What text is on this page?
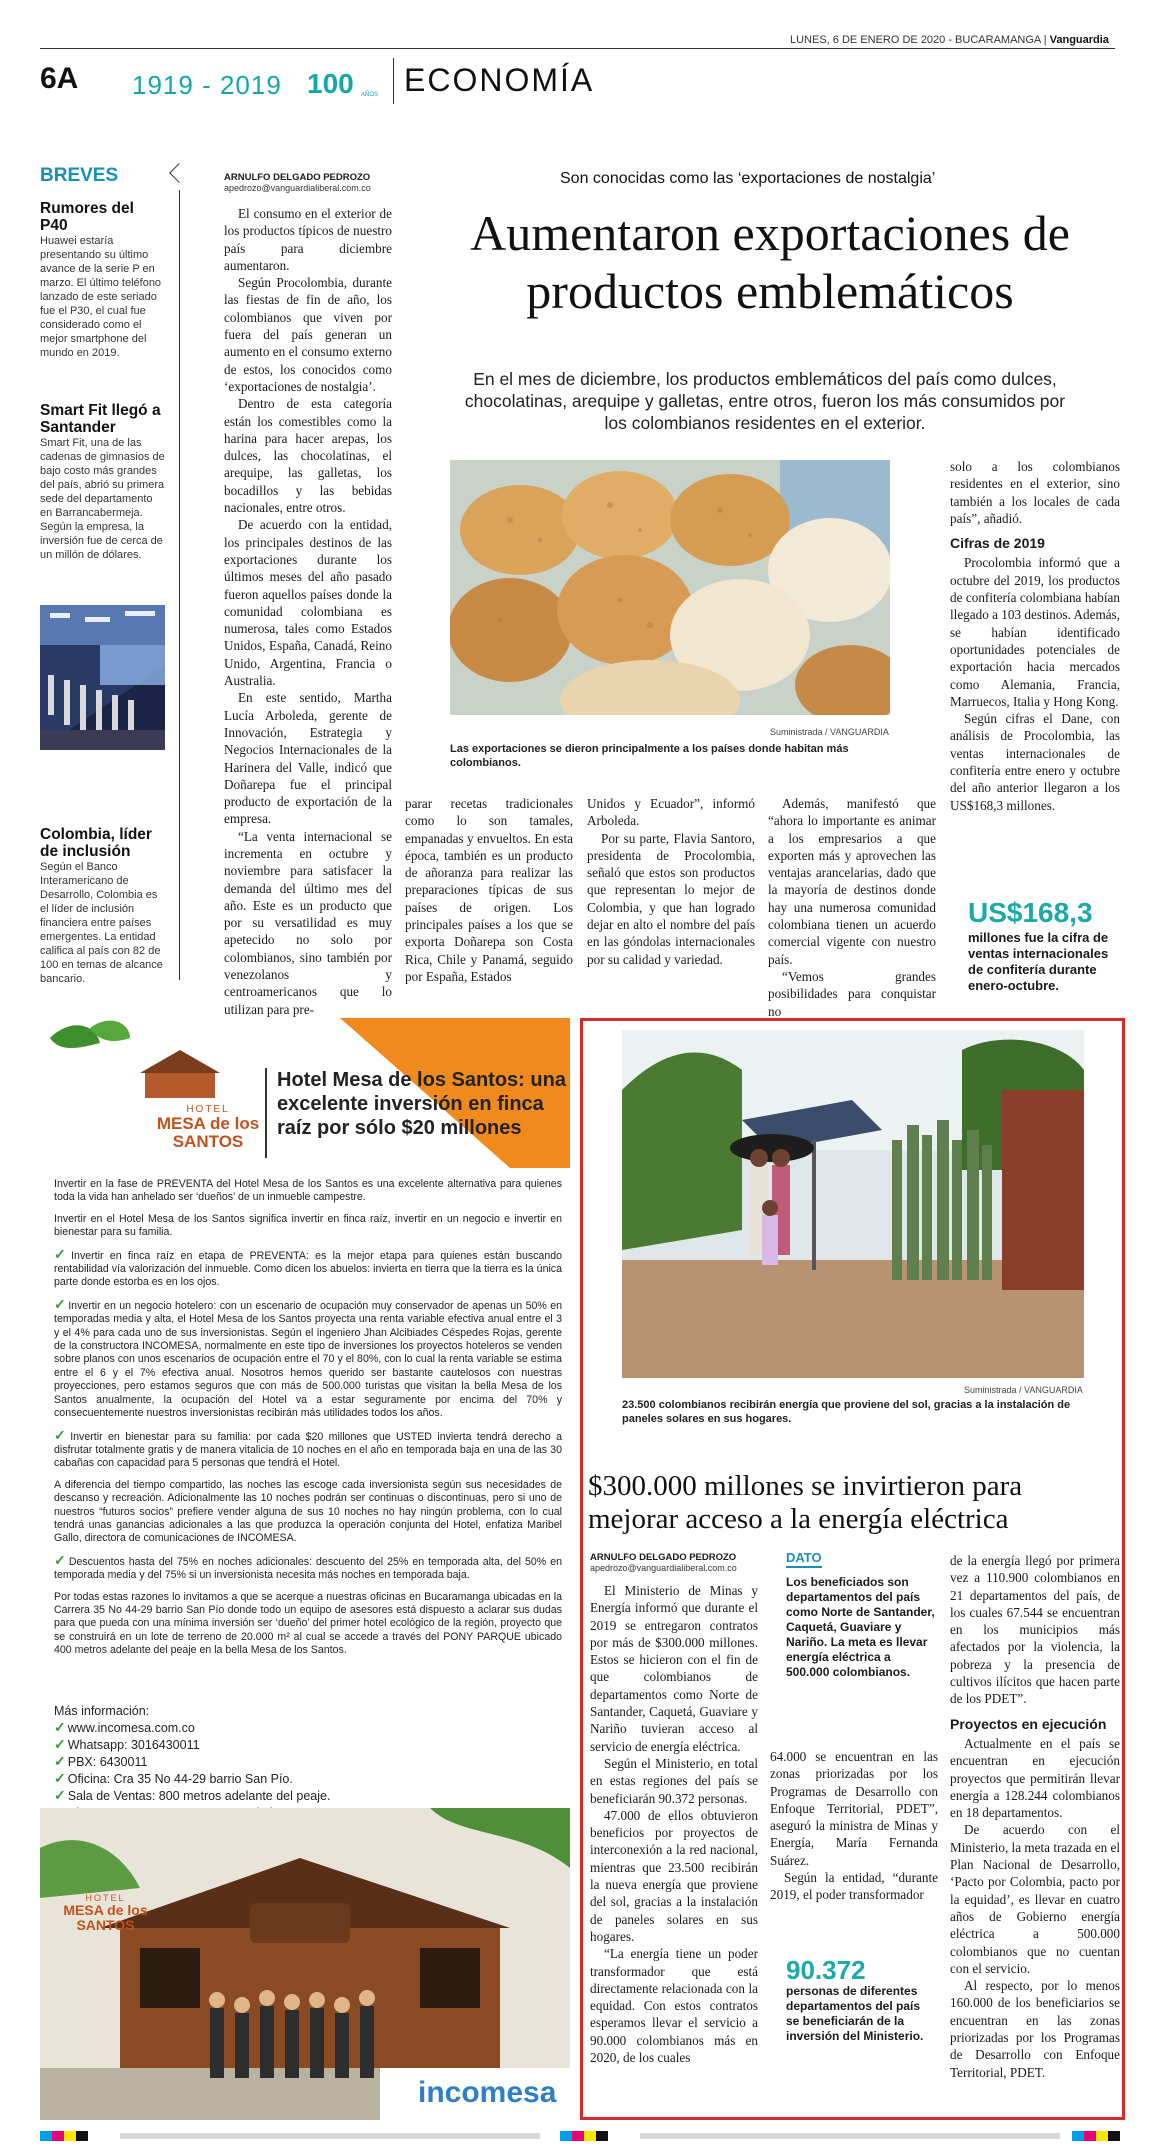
LUNES, 6 DE ENERO DE 2020 - BUCARAMANGA | Vanguardia
6A 1919 - 2019 100 AÑOS ECONOMÍA
BREVES
Rumores del P40
Huawei estaría presentando su último avance de la serie P en marzo. El último teléfono lanzado de este seriado fue el P30, el cual fue considerado como el mejor smartphone del mundo en 2019.
Smart Fit llegó a Santander
Smart Fit, una de las cadenas de gimnasios de bajo costo más grandes del país, abrió su primera sede del departamento en Barrancabermeja. Según la empresa, la inversión fue de cerca de un millón de dólares.
Colombia, líder de inclusión
Según el Banco Interamericano de Desarrollo, Colombia es el líder de inclusión financiera entre países emergentes. La entidad califica al país con 82 de 100 en temas de alcance bancario.
ARNULFO DELGADO PEDROZO
apedrozo@vanguardialiberal.com.co
Son conocidas como las ‘exportaciones de nostalgia’
Aumentaron exportaciones de productos emblemáticos
En el mes de diciembre, los productos emblemáticos del país como dulces, chocolatinas, arequipe y galletas, entre otros, fueron los más consumidos por los colombianos residentes en el exterior.
Suministrada / VANGUARDIA
Las exportaciones se dieron principalmente a los países donde habitan más colombianos.

El consumo en el exterior de los productos típicos de nuestro país para diciembre aumentaron.

Según Procolombia, durante las fiestas de fin de año, los colombianos que viven por fuera del país generan un aumento en el consumo externo de estos, los conocidos como ‘exportaciones de nostalgia’.

Dentro de esta categoría están los comestibles como la harina para hacer arepas, los dulces, las chocolatinas, el arequipe, las galletas, los bocadillos y las bebidas nacionales, entre otros.

De acuerdo con la entidad, los principales destinos de las exportaciones durante los últimos meses del año pasado fueron aquellos países donde la comunidad colombiana es numerosa, tales como Estados Unidos, España, Canadá, Reino Unido, Argentina, Francia o Australia.

En este sentido, Martha Lucía Arboleda, gerente de Innovación, Estrategia y Negocios Internacionales de la Harinera del Valle, indicó que Doñarepa fue el principal producto de exportación de la empresa.

“La venta internacional se incrementa en octubre y noviembre para satisfacer la demanda del último mes del año. Este es un producto que por su versatilidad es muy apetecido no solo por colombianos, sino también por venezolanos y centroamericanos que lo utilizan para pre-

parar recetas tradicionales como lo son tamales, empanadas y envueltos. En esta época, también es un producto de añoranza para realizar las preparaciones típicas de sus países de origen. Los principales países a los que se exporta Doñarepa son Costa Rica, Chile y Panamá, seguido por España, Estados

Unidos y Ecuador”, informó Arboleda.

Por su parte, Flavia Santoro, presidenta de Procolombia, señaló que estos son productos que representan lo mejor de Colombia, y que han logrado dejar en alto el nombre del país en las góndolas internacionales por su calidad y variedad.

Además, manifestó que “ahora lo importante es animar a los empresarios a que exporten más y aprovechen las ventajas arancelarias, dado que la mayoría de destinos donde hay una numerosa comunidad colombiana tienen un acuerdo comercial vigente con nuestro país.

“Vemos grandes posibilidades para conquistar no

solo a los colombianos residentes en el exterior, sino también a los locales de cada país”, añadió.

Cifras de 2019

Procolombia informó que a octubre del 2019, los productos de confitería colombiana habían llegado a 103 destinos. Además, se habían identificado oportunidades potenciales de exportación hacia mercados como Alemania, Francia, Marruecos, Italia y Hong Kong.

Según cifras el Dane, con análisis de Procolombia, las ventas internacionales de confitería entre enero y octubre del año anterior llegaron a los US$168,3 millones.

US$168,3
millones fue la cifra de ventas internacionales de confitería durante enero-octubre.
HOTEL
MESA de los SANTOS
Hotel Mesa de los Santos: una excelente inversión en finca raíz por sólo $20 millones

Invertir en la fase de PREVENTA del Hotel Mesa de los Santos es una excelente alternativa para quienes toda la vida han anhelado ser ‘dueños’ de un inmueble campestre.

Invertir en el Hotel Mesa de los Santos significa invertir en finca raíz, invertir en un negocio e invertir en bienestar para su familia.

✓ Invertir en finca raíz en etapa de PREVENTA: es la mejor etapa para quienes están buscando rentabilidad vía valorización del inmueble. Como dicen los abuelos: invierta en tierra que la tierra es la única parte donde estorba es en los ojos.

✓ Invertir en un negocio hotelero: con un escenario de ocupación muy conservador de apenas un 50% en temporadas media y alta, el Hotel Mesa de los Santos proyecta una renta variable efectiva anual entre el 3 y el 4% para cada uno de sus inversionistas. Según el ingeniero Jhan Alcibiades Céspedes Rojas, gerente de la constructora INCOMESA, normalmente en este tipo de inversiones los proyectos hoteleros se venden sobre planos con unos escenarios de ocupación entre el 70 y el 80%, con lo cual la renta variable se estima entre el 6 y el 7% efectiva anual. Nosotros hemos querido ser bastante cautelosos con nuestras proyecciones, pero estamos seguros que con más de 500.000 turistas que visitan la bella Mesa de los Santos anualmente, la ocupación del Hotel va a estar seguramente por encima del 70% y consecuentemente nuestros inversionistas recibirán más utilidades todos los años.

✓ Invertir en bienestar para su familia: por cada $20 millones que USTED invierta tendrá derecho a disfrutar totalmente gratis y de manera vitalicia de 10 noches en el año en temporada baja en una de las 30 cabañas con capacidad para 5 personas que tendrá el Hotel.

A diferencia del tiempo compartido, las noches las escoge cada inversionista según sus necesidades de descanso y recreación. Adicionalmente las 10 noches podrán ser continuas o discontinuas, pero si uno de nuestros “futuros socios” prefiere vender alguna de sus 10 noches no hay ningún problema, con lo cual tendrá unas ganancias adicionales a las que produzca la operación conjunta del Hotel, enfatiza Maribel Gallo, directora de comunicaciones de INCOMESA.

✓ Descuentos hasta del 75% en noches adicionales: descuento del 25% en temporada alta, del 50% en temporada media y del 75% si un inversionista necesita más noches en temporada baja.

Por todas estas razones lo invitamos a que se acerque a nuestras oficinas en Bucaramanga ubicadas en la Carrera 35 No 44-29 barrio San Pío donde todo un equipo de asesores está dispuesto a aclarar sus dudas para que pueda con una mínima inversión ser ‘dueño’ del primer hotel ecológico de la región, proyecto que se construirá en un lote de terreno de 20.000 m² al cual se accede a través del PONY PARQUE ubicado 400 metros adelante del peaje en la bella Mesa de los Santos.

Más información:
✓ www.incomesa.com.co
✓ Whatsapp: 3016430011
✓ PBX: 6430011
✓ Oficina: Cra 35 No 44-29 barrio San Pío.
✓ Sala de Ventas: 800 metros adelante del peaje.
HOTEL
MESA de los SANTOS
incomesa
Suministrada / VANGUARDIA
23.500 colombianos recibirán energía que proviene del sol, gracias a la instalación de paneles solares en sus hogares.
$300.000 millones se invirtieron para mejorar acceso a la energía eléctrica
ARNULFO DELGADO PEDROZO
apedrozo@vanguardialiberal.com.co

El Ministerio de Minas y Energía informó que durante el 2019 se entregaron contratos por más de $300.000 millones. Estos se hicieron con el fin de que colombianos de departamentos como Norte de Santander, Caquetá, Guaviare y Nariño tuvieran acceso al servicio de energía eléctrica.

Según el Ministerio, en total en estas regiones del país se beneficiarán 90.372 personas.

47.000 de ellos obtuvieron beneficios por proyectos de interconexión a la red nacional, mientras que 23.500 recibirán la nueva energía que proviene del sol, gracias a la instalación de paneles solares en sus hogares.

“La energía tiene un poder transformador que está directamente relacionada con la equidad. Con estos contratos esperamos llevar el servicio a 90.000 colombianos más en 2020, de los cuales

DATO
Los beneficiados son departamentos del país como Norte de Santander, Caquetá, Guaviare y Nariño. La meta es llevar energía eléctrica a 500.000 colombianos.

64.000 se encuentran en las zonas priorizadas por los Programas de Desarrollo con Enfoque Territorial, PDET”, aseguró la ministra de Minas y Energía, María Fernanda Suárez.

Según la entidad, “durante 2019, el poder transformador

90.372
personas de diferentes departamentos del país se beneficiarán de la inversión del Ministerio.

de la energía llegó por primera vez a 110.900 colombianos en 21 departamentos del país, de los cuales 67.544 se encuentran en los municipios más afectados por la violencia, la pobreza y la presencia de cultivos ilícitos que hacen parte de los PDET”.

Proyectos en ejecución

Actualmente en el país se encuentran en ejecución proyectos que permitirán llevar energía a 128.244 colombianos en 18 departamentos.

De acuerdo con el Ministerio, la meta trazada en el Plan Nacional de Desarrollo, ‘Pacto por Colombia, pacto por la equidad’, es llevar en cuatro años de Gobierno energía eléctrica a 500.000 colombianos que no cuentan con el servicio.

Al respecto, por lo menos 160.000 de los beneficiarios se encuentran en las zonas priorizadas por los Programas de Desarrollo con Enfoque Territorial, PDET.
